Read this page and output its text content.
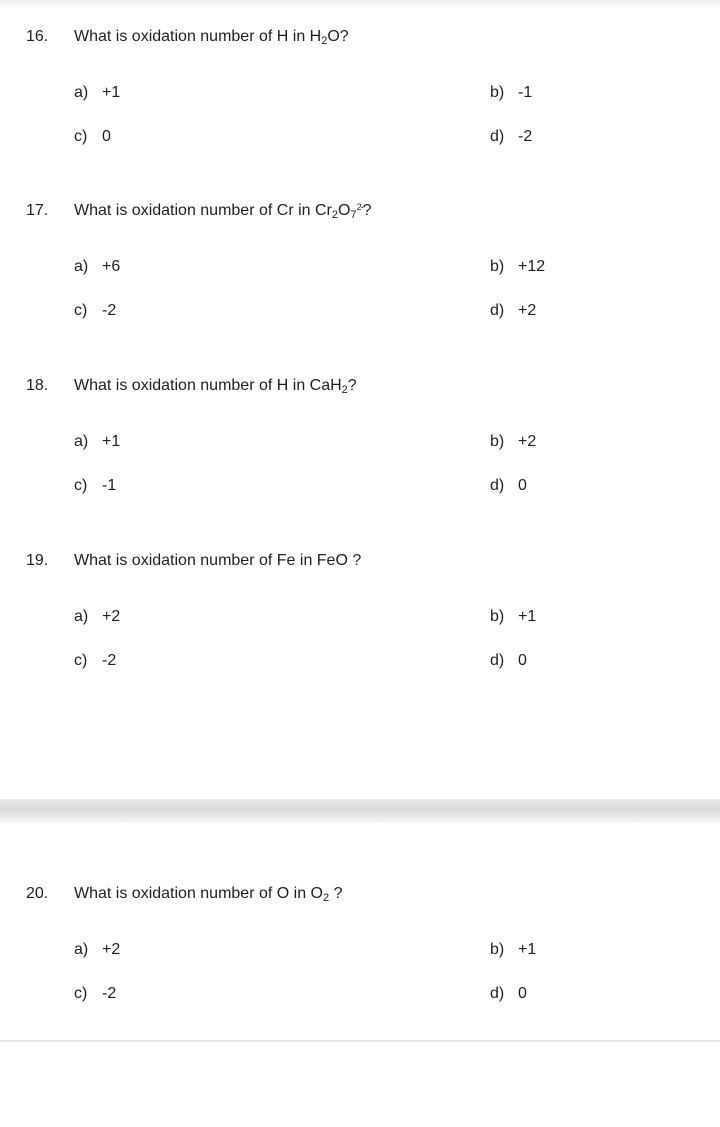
16. What is oxidation number of H in $H_2O$?
a) +1	b) -1
c) 0	d) -2
17. What is oxidation number of Cr in $Cr_2O_7^{2-}$?
a) +6	b) +12
c) -2	d) +2
18. What is oxidation number of H in CaH$_2$?
a) +1	b) +2
c) -1	d) 0
19. What is oxidation number of Fe in FeO ?
a) +2	b) +1
c) -2	d) 0
20. What is oxidation number of O in $O_2$ ?
a) +2	b) +1
c) -2	d) 0
